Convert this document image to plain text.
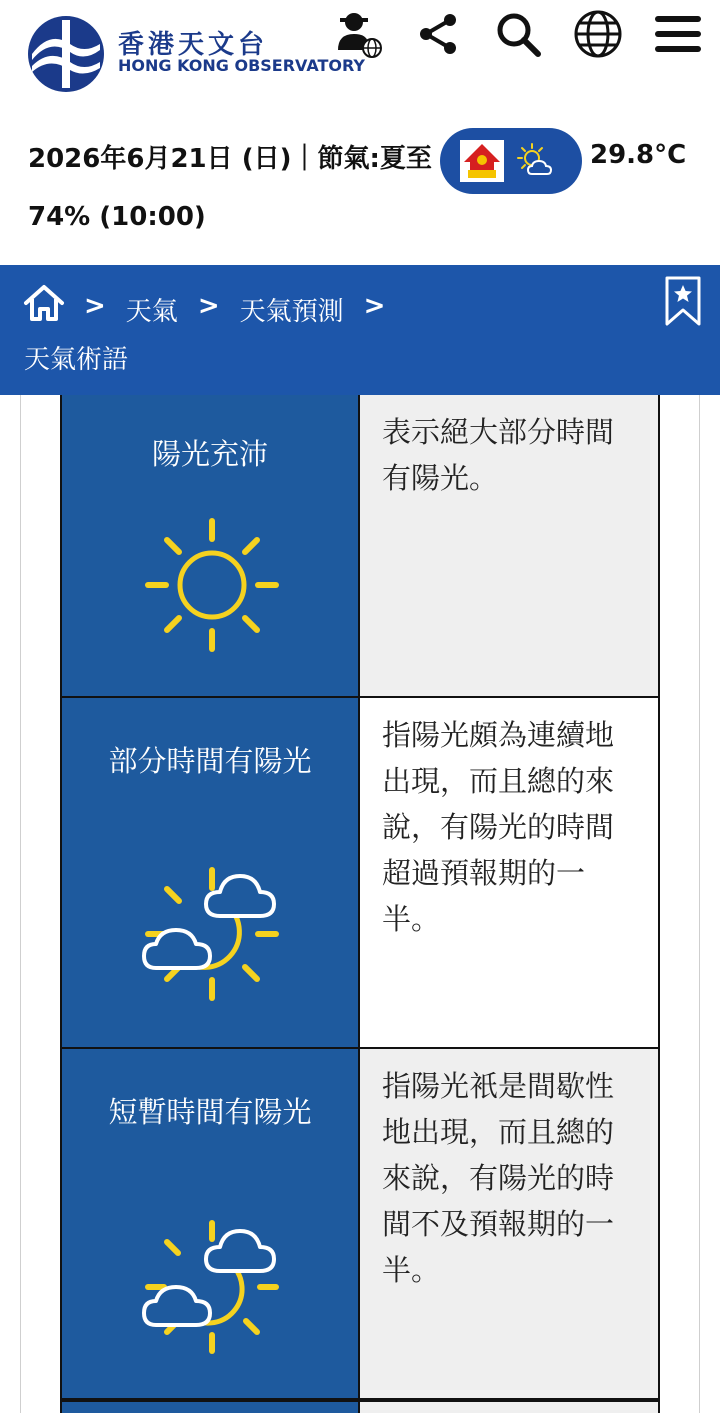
香港天文台
HONG KONG OBSERVATORY
2026年6月21日 (日)｜節氣:夏至	29.8°C
74% (10:00)
> 天氣 > 天氣預測 >
天氣術語
陽光充沛
表示絕大部分時間有陽光。
部分時間有陽光
指陽光頗為連續地出現，而且總的來說，有陽光的時間超過預報期的一半。
短暫時間有陽光
指陽光衹是間歇性地出現，而且總的來說，有陽光的時間不及預報期的一半。
